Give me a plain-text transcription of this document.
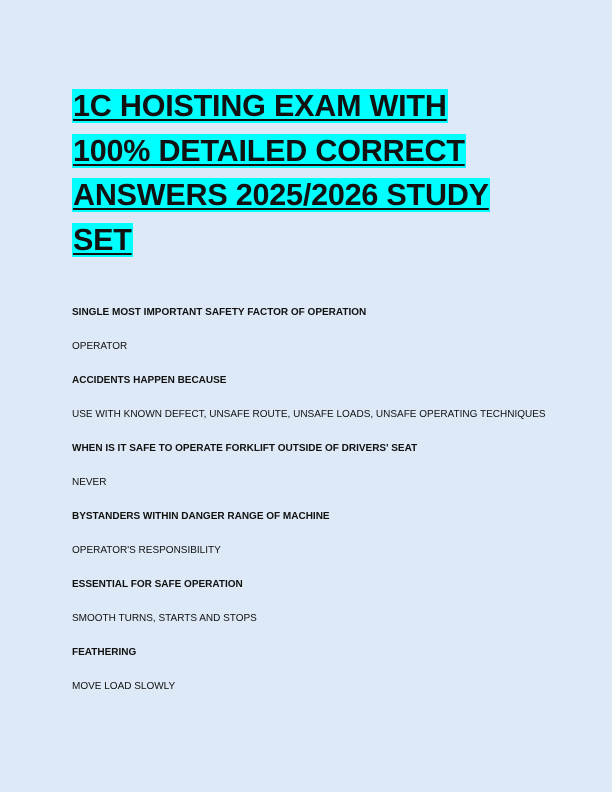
1C HOISTING EXAM WITH
100% DETAILED CORRECT
ANSWERS 2025/2026 STUDY
SET
SINGLE MOST IMPORTANT SAFETY FACTOR OF OPERATION
OPERATOR
ACCIDENTS HAPPEN BECAUSE
USE WITH KNOWN DEFECT, UNSAFE ROUTE, UNSAFE LOADS, UNSAFE OPERATING TECHNIQUES
WHEN IS IT SAFE TO OPERATE FORKLIFT OUTSIDE OF DRIVERS' SEAT
NEVER
BYSTANDERS WITHIN DANGER RANGE OF MACHINE
OPERATOR'S RESPONSIBILITY
ESSENTIAL FOR SAFE OPERATION
SMOOTH TURNS, STARTS AND STOPS
FEATHERING
MOVE LOAD SLOWLY
